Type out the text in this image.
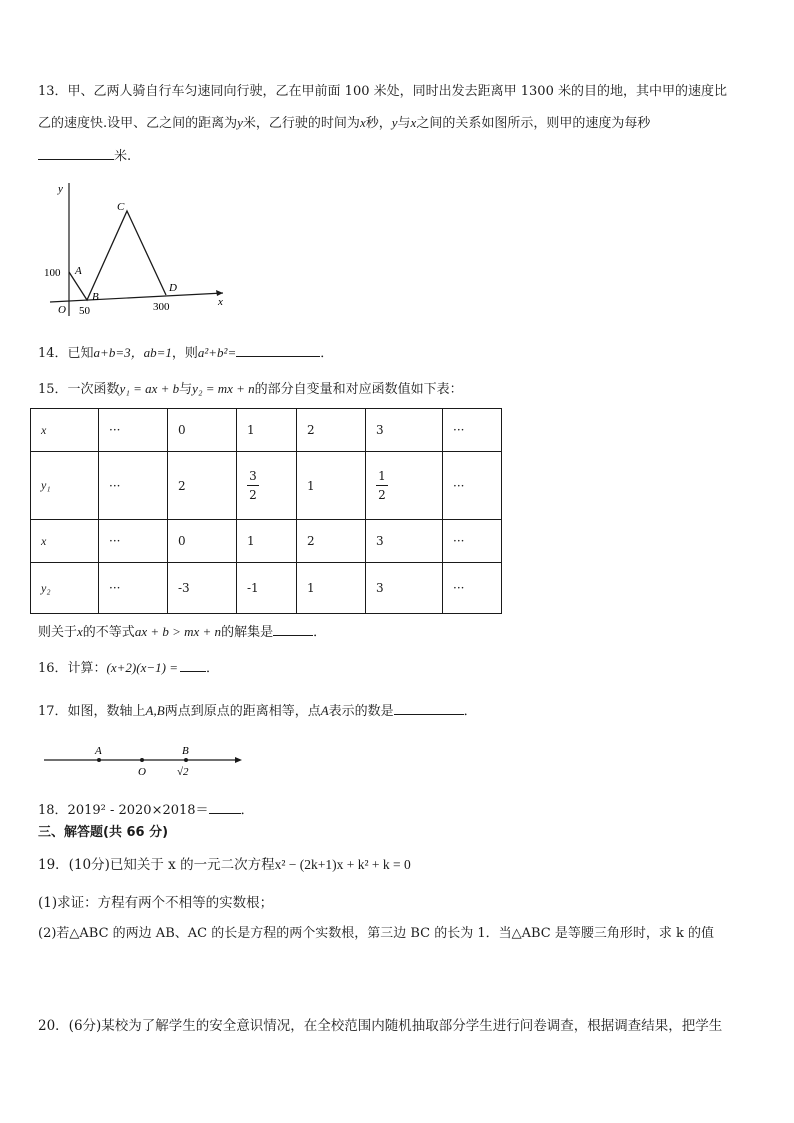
13．甲、乙两人骑自行车匀速同向行驶，乙在甲前面 100 米处，同时出发去距离甲 1300 米的目的地，其中甲的速度比
乙的速度快.设甲、乙之间的距离为y米，乙行驶的时间为x秒，y与x之间的关系如图所示，则甲的速度为每秒
米.
y
x
O
100 A
B
50
C
D
300
14．已知a+b=3，ab=1，则a²+b²=	．
15．一次函数y₁ = ax + b与y₂ = mx + n的部分自变量和对应函数值如下表：
x	···	0	1	2	3	···
y₁	···	2	$\frac{3}{2}$	1	$\frac{1}{2}$	···
x	···	0	1	2	3	···
y₂	···	-3	-1	1	3	···
则关于x的不等式ax + b > mx + n的解集是	．
16．计算：(x+2)(x−1) = ．
17．如图，数轴上A,B两点到原点的距离相等，点A表示的数是	．
A
O
B
√2
18．2019² - 2020×2018＝ ．
三、解答题(共 66 分)
19．(10分)已知关于 x 的一元二次方程x² − (2k+1)x + k² + k = 0
(1)求证：方程有两个不相等的实数根；
(2)若△ABC 的两边 AB、AC 的长是方程的两个实数根，第三边 BC 的长为 1．当△ABC 是等腰三角形时，求 k 的值
20．(6分)某校为了解学生的安全意识情况，在全校范围内随机抽取部分学生进行问卷调查，根据调查结果，把学生
